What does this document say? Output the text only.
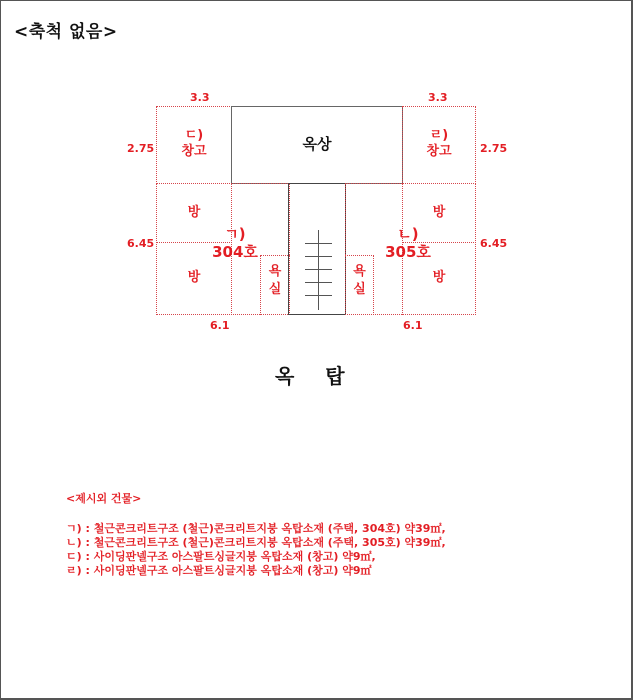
<축척 없음>
3.3	3.3
2.75	2.75
6.45	6.45
6.1	6.1
ㄷ)
창고	옥상	ㄹ)
창고
방
방
ㄱ)
304호
욕
실
방
방
ㄴ)
305호
욕
실
옥 탑
<제시외 건물>
ㄱ) : 철근콘크리트구조 (철근)콘크리트지붕 옥탑소재 (주택, 304호) 약39㎡,
ㄴ) : 철근콘크리트구조 (철근)콘크리트지붕 옥탑소재 (주택, 305호) 약39㎡,
ㄷ) : 사이딩판넬구조 아스팔트싱글지붕 옥탑소재 (창고) 약9㎡,
ㄹ) : 사이딩판넬구조 아스팔트싱글지붕 옥탑소재 (창고) 약9㎡
